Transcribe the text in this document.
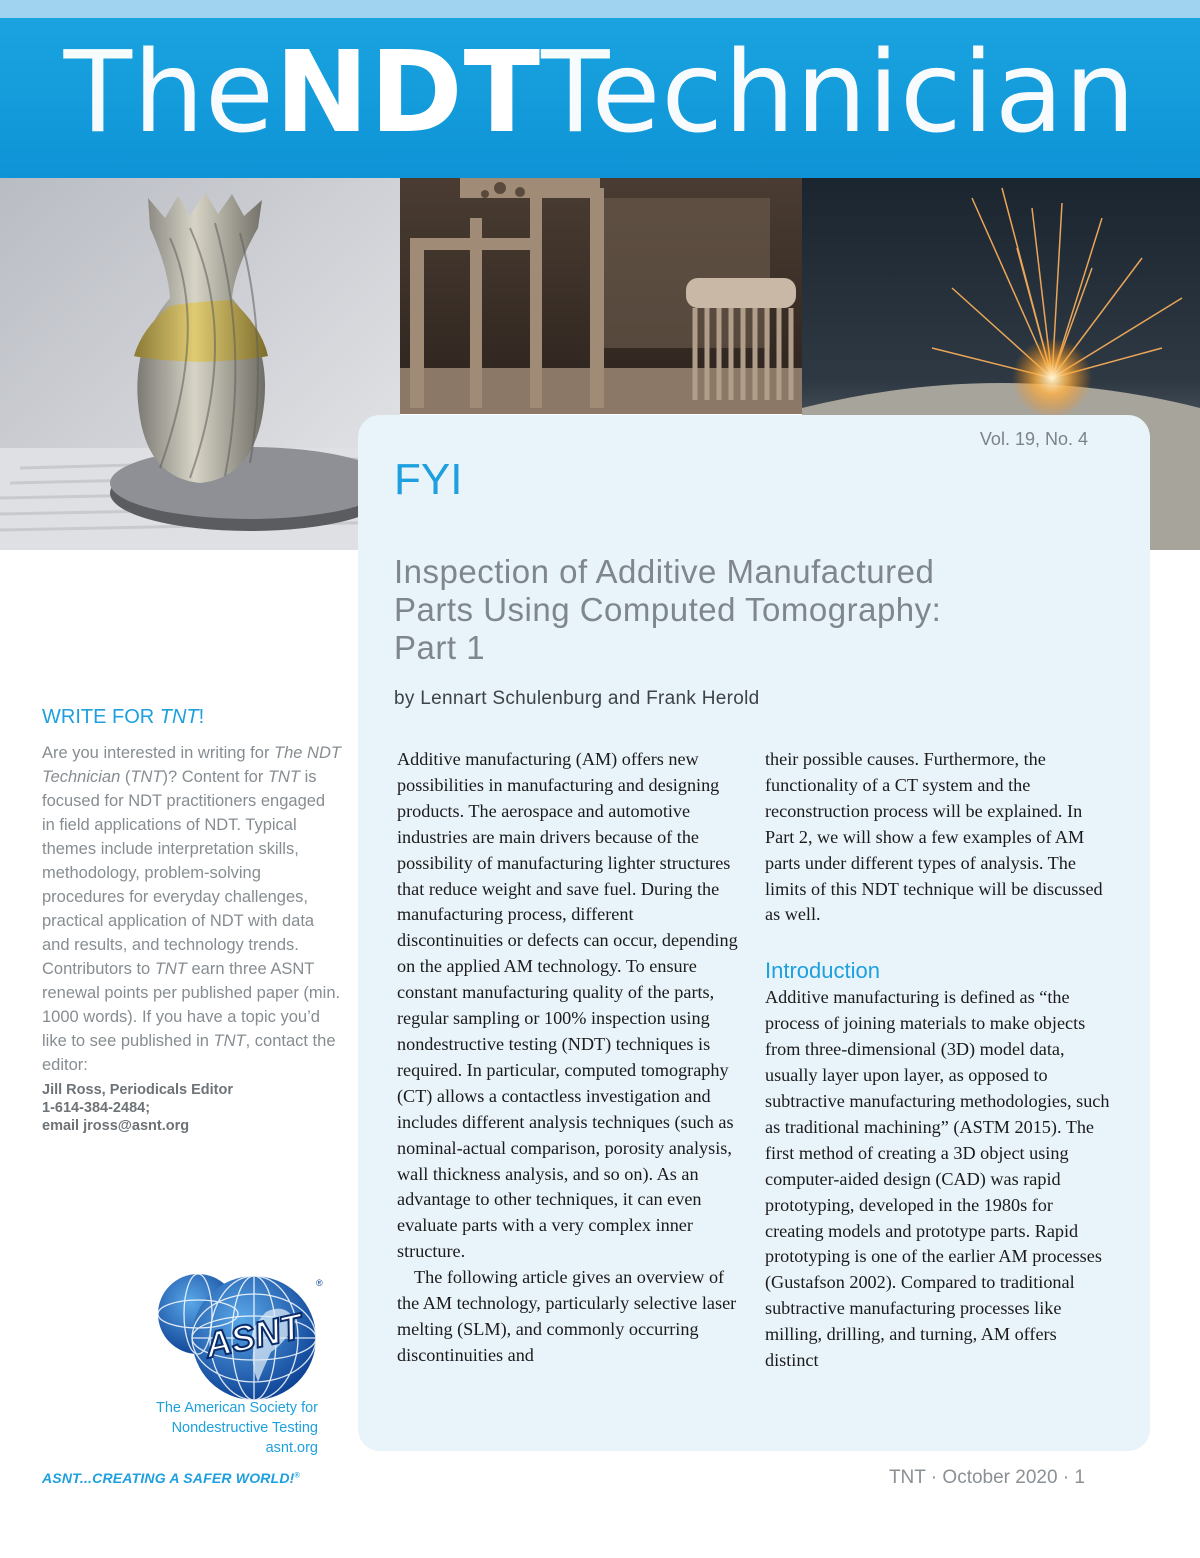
TheNDTTechnician
Vol. 19, No. 4
FYI
Inspection of Additive Manufactured
Parts Using Computed Tomography:
Part 1
by Lennart Schulenburg and Frank Herold

Additive manufacturing (AM) offers new possibilities in manufacturing and designing products. The aerospace and automotive industries are main drivers because of the possibility of manufacturing lighter structures that reduce weight and save fuel. During the manufacturing process, different discontinuities or defects can occur, depending on the applied AM technology. To ensure constant manufacturing quality of the parts, regular sampling or 100% inspection using nondestructive testing (NDT) techniques is required. In particular, computed tomography (CT) allows a contactless investigation and includes different analysis techniques (such as nominal-actual comparison, porosity analysis, wall thickness analysis, and so on). As an advantage to other techniques, it can even evaluate parts with a very complex inner structure.

The following article gives an overview of the AM technology, particularly selective laser melting (SLM), and commonly occurring discontinuities and

their possible causes. Furthermore, the functionality of a CT system and the reconstruction process will be explained. In Part 2, we will show a few examples of AM parts under different types of analysis. The limits of this NDT technique will be discussed as well.

Introduction

Additive manufacturing is defined as “the process of joining materials to make objects from three-dimensional (3D) model data, usually layer upon layer, as opposed to subtractive manufacturing methodologies, such as traditional machining” (ASTM 2015). The first method of creating a 3D object using computer-aided design (CAD) was rapid prototyping, developed in the 1980s for creating models and prototype parts. Rapid prototyping is one of the earlier AM processes (Gustafson 2002). Compared to traditional subtractive manufacturing processes like milling, drilling, and turning, AM offers distinct

WRITE FOR TNT!

Are you interested in writing for The NDT Technician (TNT)? Content for TNT is focused for NDT practitioners engaged in field applications of NDT. Typical themes include interpretation skills, methodology, problem-solving procedures for everyday challenges, practical application of NDT with data and results, and technology trends. Contributors to TNT earn three ASNT renewal points per published paper (min. 1000 words). If you have a topic you’d like to see published in TNT, contact the editor:

Jill Ross, Periodicals Editor
1-614-384-2484;
email jross@asnt.org
ASNT
®
The American Society for
Nondestructive Testing
asnt.org
ASNT...CREATING A SAFER WORLD!®	TNT · October 2020 · 1
